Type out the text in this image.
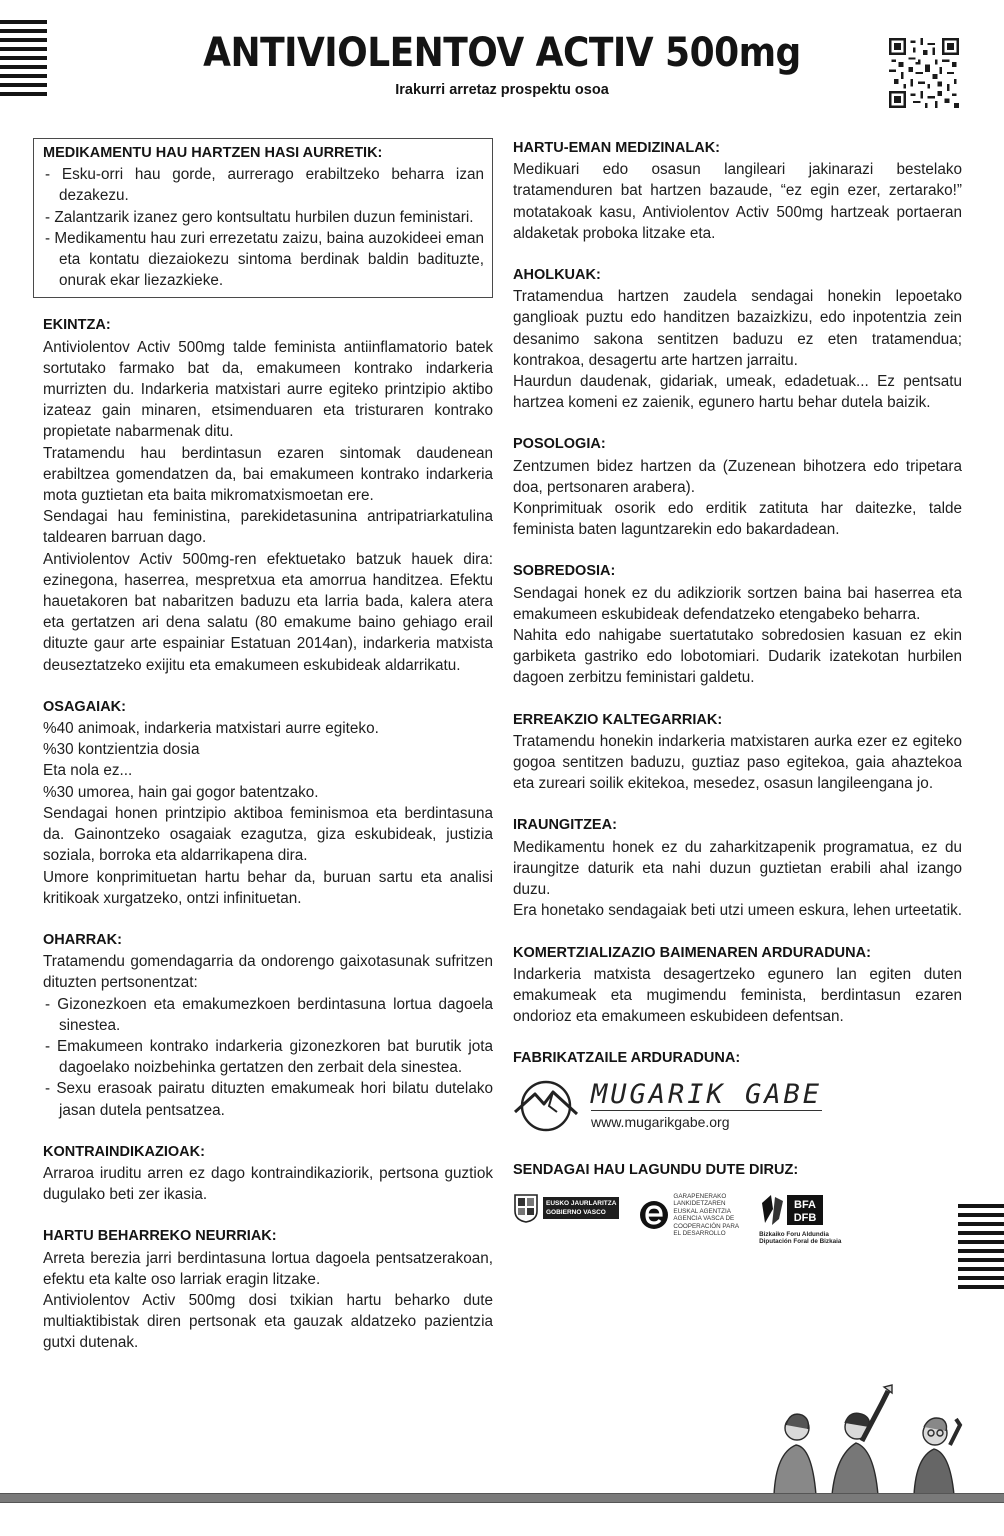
ANTIVIOLENTOV ACTIV 500mg
Irakurri arretaz prospektu osoa
MEDIKAMENTU HAU HARTZEN HASI AURRETIK:
- Esku-orri hau gorde, aurrerago erabiltzeko beharra izan dezakezu.
- Zalantzarik izanez gero kontsultatu hurbilen duzun feministari.
- Medikamentu hau zuri errezetatu zaizu, baina auzokideei eman eta kontatu diezaiokezu sintoma berdinak baldin badituzte, onurak ekar liezazkieke.
EKINTZA:

Antiviolentov Activ 500mg talde feminista antiinflamatorio batek sortutako farmako bat da, emakumeen kontrako indarkeria murrizten du. Indarkeria matxistari aurre egiteko printzipio aktibo izateaz gain minaren, etsimenduaren eta tristuraren kontrako propietate nabarmenak ditu.

Tratamendu hau berdintasun ezaren sintomak daudenean erabiltzea gomendatzen da, bai emakumeen kontrako indarkeria mota guztietan eta baita mikromatxismoetan ere.

Sendagai hau feministina, parekidetasunina antripatriarkatulina taldearen barruan dago.

Antiviolentov Activ 500mg-ren efektuetako batzuk hauek dira: ezinegona, haserrea, mespretxua eta amorrua handitzea. Efektu hauetakoren bat nabaritzen baduzu eta larria bada, kalera atera eta gertatzen ari dena salatu (80 emakume baino gehiago erail dituzte gaur arte espainiar Estatuan 2014an), indarkeria matxista deuseztatzeko exijitu eta emakumeen eskubideak aldarrikatu.

OSAGAIAK:

%40 animoak, indarkeria matxistari aurre egiteko.

%30 kontzientzia dosia

Eta nola ez...

%30 umorea, hain gai gogor batentzako.

Sendagai honen printzipio aktiboa feminismoa eta berdintasuna da. Gainontzeko osagaiak ezagutza, giza eskubideak, justizia soziala, borroka eta aldarrikapena dira.

Umore konprimituetan hartu behar da, buruan sartu eta analisi kritikoak xurgatzeko, ontzi infinituetan.

OHARRAK:

Tratamendu gomendagarria da ondorengo gaixotasunak sufritzen dituzten pertsonentzat:

- Gizonezkoen eta emakumezkoen berdintasuna lortua dagoela sinestea.
- Emakumeen kontrako indarkeria gizonezkoren bat burutik jota dagoelako noizbehinka gertatzen den zerbait dela sinestea.
- Sexu erasoak pairatu dituzten emakumeak hori bilatu dutelako jasan dutela pentsatzea.
KONTRAINDIKAZIOAK:

Arraroa iruditu arren ez dago kontraindikaziorik, pertsona guztiok dugulako beti zer ikasia.

HARTU BEHARREKO NEURRIAK:

Arreta berezia jarri berdintasuna lortua dagoela pentsatzerakoan, efektu eta kalte oso larriak eragin litzake.

Antiviolentov Activ 500mg dosi txikian hartu beharko dute multiaktibistak diren pertsonak eta gauzak aldatzeko pazientzia gutxi dutenak.

HARTU-EMAN MEDIZINALAK:

Medikuari edo osasun langileari jakinarazi bestelako tratamenduren bat hartzen bazaude, “ez egin ezer, zertarako!” motatakoak kasu, Antiviolentov Activ 500mg hartzeak portaeran aldaketak proboka litzake eta.

AHOLKUAK:

Tratamendua hartzen zaudela sendagai honekin lepoetako ganglioak puztu edo handitzen bazaizkizu, edo inpotentzia zein desanimo sakona sentitzen baduzu ez eten tratamendua; kontrakoa, desagertu arte hartzen jarraitu.

Haurdun daudenak, gidariak, umeak, edadetuak... Ez pentsatu hartzea komeni ez zaienik, egunero hartu behar dutela baizik.

POSOLOGIA:

Zentzumen bidez hartzen da (Zuzenean bihotzera edo tripetara doa, pertsonaren arabera).

Konprimituak osorik edo erditik zatituta har daitezke, talde feminista baten laguntzarekin edo bakardadean.

SOBREDOSIA:

Sendagai honek ez du adikziorik sortzen baina bai haserrea eta emakumeen eskubideak defendatzeko etengabeko beharra.

Nahita edo nahigabe suertatutako sobredosien kasuan ez ekin garbiketa gastriko edo lobotomiari. Dudarik izatekotan hurbilen dagoen zerbitzu feministari galdetu.

ERREAKZIO KALTEGARRIAK:

Tratamendu honekin indarkeria matxistaren aurka ezer ez egiteko gogoa sentitzen baduzu, guztiaz paso egitekoa, gaia ahaztekoa eta zureari soilik ekitekoa, mesedez, osasun langileengana jo.

IRAUNGITZEA:

Medikamentu honek ez du zaharkitzapenik programatua, ez du iraungitze daturik eta nahi duzun guztietan erabili ahal izango duzu.

Era honetako sendagaiak beti utzi umeen eskura, lehen urteetatik.

KOMERTZIALIZAZIO BAIMENAREN ARDURADUNA:

Indarkeria matxista desagertzeko egunero lan egiten duten emakumeak eta mugimendu feminista, berdintasun ezaren ondorioz eta emakumeen eskubideen defentsan.

FABRIKATZAILE ARDURADUNA:
MUGARIK GABE
www.mugarikgabe.org
SENDAGAI HAU LAGUNDU DUTE DIRUZ:
EUSKO JAURLARITZA
GOBIERNO VASCO
GARAPENERAKO
LANKIDETZAREN
EUSKAL AGENTZIA
AGENCIA VASCA DE
COOPERACIÓN PARA
EL DESARROLLO
BFA
DFB
Bizkaiko Foru Aldundia
Diputación Foral de Bizkaia
